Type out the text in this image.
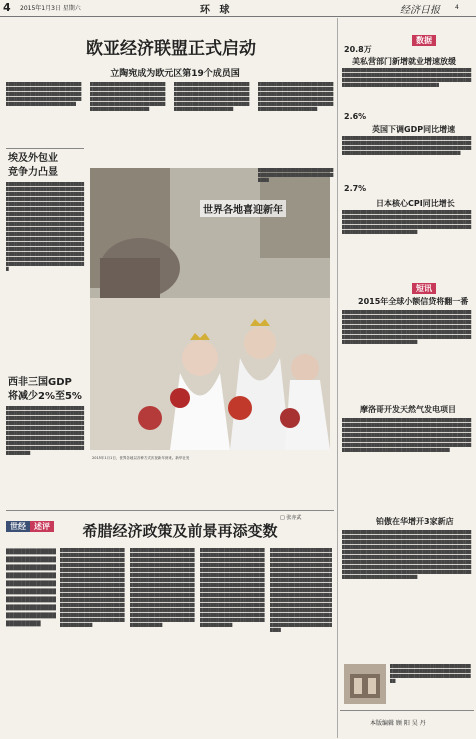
4 2015年1月3日 星期六	环 球	经济日报	4
欧亚经济联盟正式启动
立陶宛成为欧元区第19个成员国
██████████████████████████████████████████████████████████████████████████████████████████████████████████████████████████████████████████
██████████████████████████████████████████████████████████████████████████████████████████████████████████████████████████████████████████████████████████████████
██████████████████████████████████████████████████████████████████████████████████████████████████████████████████████████████████████████████████████████████████
██████████████████████████████████████████████████████████████████████████████████████████████████████████████████████████████████████████████████████████████████
埃及外包业
竞争力凸显
██████████████████████████████████████████████████████████████████████████████████████████████████████████████████████████████████████████████████████████████████████████████████████████████████████████████████████████████████████████████████████████████████████████████████████████████████████████████████████████████████████████████████████████████████████████████████████████████████████████████████████████████████████████████████████████████████████████████████████████████████████████████
西非三国GDP
将减少2%至5%
██████████████████████████████████████████████████████████████████████████████████████████████████████████████████████████████████████████████████████████████████████████████████████████████████████████████████████████████████████████████████████████████████████████████
世界各地喜迎新年
2015年1月1日，世界各地以各种方式庆祝新年到来。新华社发
████████████████████████████████████████████████████████████
世经 述评
□ 张亦武
希腊经济政策及前景再添变数
██████████████████████████████████████████████████████████████████████████████████████████████████████████████████████████████
████████████████████████████████████████████████████████████████████████████████████████████████████████████████████████████████████████████████████████████████████████████████████████████████████████████████████████████████████████████████████████████████████████████████████████████████████████████████████████████████████████████████████████████████████████████████████
████████████████████████████████████████████████████████████████████████████████████████████████████████████████████████████████████████████████████████████████████████████████████████████████████████████████████████████████████████████████████████████████████████████████████████████████████████████████████████████████████████████████████████████████████████████████████
████████████████████████████████████████████████████████████████████████████████████████████████████████████████████████████████████████████████████████████████████████████████████████████████████████████████████████████████████████████████████████████████████████████████████████████████████████████████████████████████████████████████████████████████████████████████████
████████████████████████████████████████████████████████████████████████████████████████████████████████████████████████████████████████████████████████████████████████████████████████████████████████████████████████████████████████████████████████████████████████████████████████████████████████████████████████████████████████████████████████████████████████████████████
数据
20.8万
美私营部门新增就业增速放缓
████████████████████████████████████████████████████████████████████████████████████████████████████████████████████████████████████████████████████████████████████████████████████
2.6%
英国下调GDP同比增速
████████████████████████████████████████████████████████████████████████████████████████████████████████████████████████████████████████████████████████████████████████████████████████████
2.7%
日本核心CPI同比增长
████████████████████████████████████████████████████████████████████████████████████████████████████████████████████████████████████████████████████████████████████████████████████████████████████████████████████████████
短讯
2015年全球小额信贷将翻一番
████████████████████████████████████████████████████████████████████████████████████████████████████████████████████████████████████████████████████████████████████████████████████████████████████████████████████████████████████████████████████████████████████████████████████████████████████████████████████████████
摩洛哥开发天然气发电项目
████████████████████████████████████████████████████████████████████████████████████████████████████████████████████████████████████████████████████████████████████████████████████████████████████████████████████████████████████████████████████████████████████████████████████████████████████████████████████████████████████████
铂傲在华增开3家新店
████████████████████████████████████████████████████████████████████████████████████████████████████████████████████████████████████████████████████████████████████████████████████████████████████████████████████████████████████████████████████████████████████████████████████████████████████████████████████████████████████████████████████████████████████████████████████████████████████████████████████████████████████████████████████████████████████████████
████████████████████████████████████████████████████████████████████████████████████████████
本版编辑 顾 阳 吴 丹
